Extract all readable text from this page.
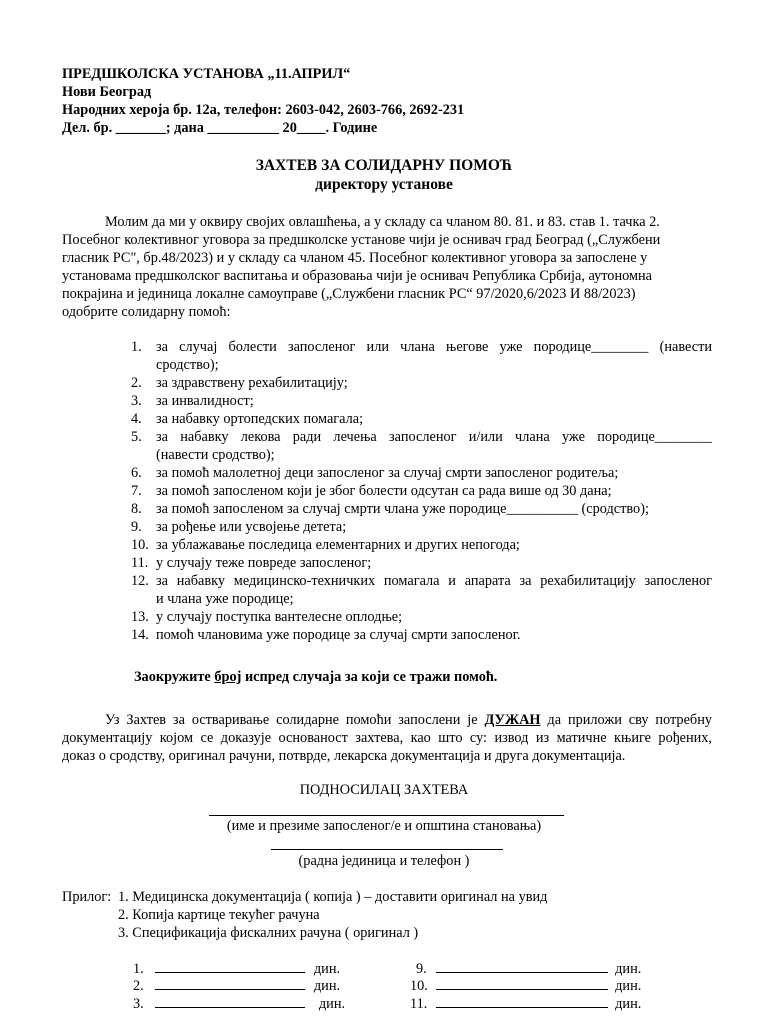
ПРЕДШКОЛСКА УСТАНОВА „11.АПРИЛ“
Нови Београд
Народних хероја бр. 12а, телефон: 2603-042, 2603-766, 2692-231
Дел. бр. _______; дана __________ 20____. Године
ЗАХТЕВ ЗА СОЛИДАРНУ ПОМОЋ
директору установе
Молим да ми у оквиру својих овлашћења, а у складу са чланом 80. 81. и 83. став 1. тачка 2.
Посебног колективног уговора за предшколске установе чији је оснивач град Београд („Службени
гласник РС", бр.48/2023) и у складу са чланом 45. Посебног колективног уговора за запослене у
установама предшколског васпитања и образовања чији је оснивач Република Србија, аутономна
покрајина и јединица локалне самоуправе („Службени гласник РС“ 97/2020,6/2023 И 88/2023)
одобрите солидарну помоћ:
1. за случај болести запосленог или члана његове уже породице________ (навести
сродство);
2. за здравствену рехабилитацију;
3. за инвалидност;
4. за набавку ортопедских помагала;
5. за набавку лекова ради лечења запосленог и/или члана уже породице________
(навести сродство);
6. за помоћ малолетној деци запосленог за случај смрти запосленог родитеља;
7. за помоћ запосленом који је због болести одсутан са рада више од 30 дана;
8. за помоћ запосленом за случај смрти члана уже породице__________ (сродство);
9. за рођење или усвојење детета;
10. за ублажавање последица елементарних и других непогода;
11. у случају теже повреде запосленог;
12. за набавку медицинско-техничких помагала и апарата за рехабилитацију запосленог
и члана уже породице;
13. у случају поступка вантелесне оплодње;
14. помоћ члановима уже породице за случај смрти запосленог.
Заокружите број испред случаја за који се тражи помоћ.
Уз Захтев за остваривање солидарне помоћи запослени је ДУЖАН да приложи сву потребну
документацију којом се доказује основаност захтева, као што су: извод из матичне књиге рођених,
доказ о сродству, оригинал рачуни, потврде, лекарска документација и друга документација.
ПОДНОСИЛАЦ ЗАХТЕВА
(име и презиме запосленог/е и општина становања)
(радна јединица и телефон )
Прилог: 1. Медицинска документација ( копија ) – доставити оригинал на увид
2. Копија картице текућег рачуна
3. Спецификација фискалних рачуна ( оригинал )
1.	дин.
2.	дин.
3.	дин.
9.	дин.
10.	дин.
11.	дин.
